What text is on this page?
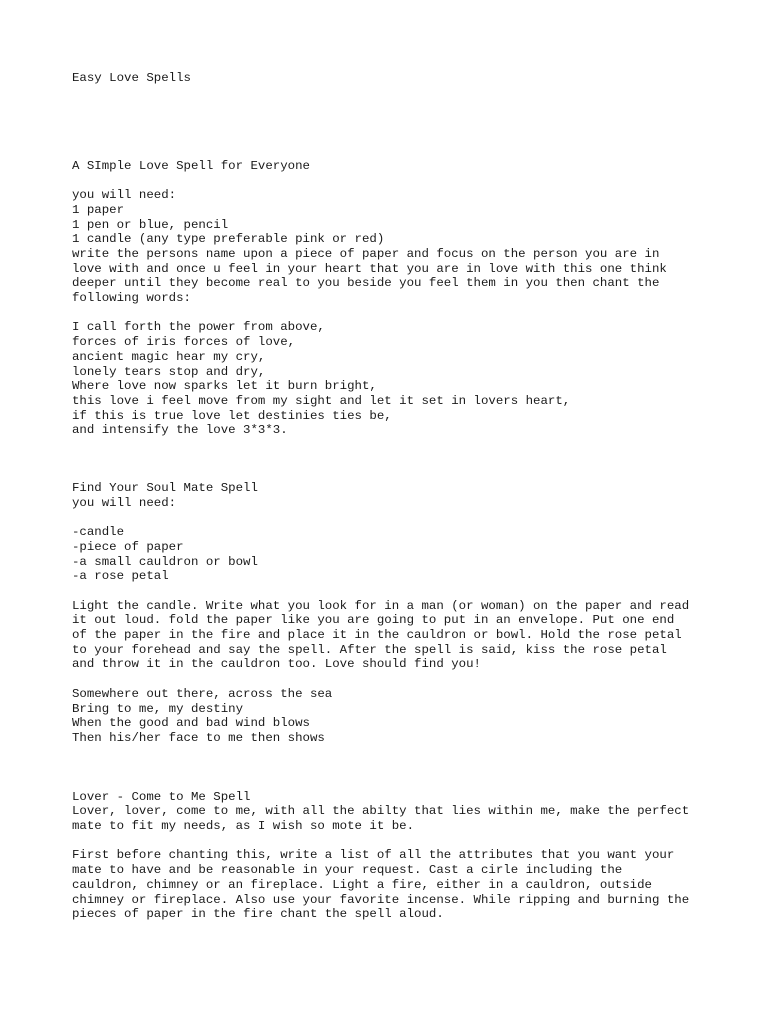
Easy Love Spells
A SImple Love Spell for Everyone
you will need:
1 paper
1 pen or blue, pencil
1 candle (any type preferable pink or red)
write the persons name upon a piece of paper and focus on the person you are in
love with and once u feel in your heart that you are in love with this one think
deeper until they become real to you beside you feel them in you then chant the
following words:
I call forth the power from above,
forces of iris forces of love,
ancient magic hear my cry,
lonely tears stop and dry,
Where love now sparks let it burn bright,
this love i feel move from my sight and let it set in lovers heart,
if this is true love let destinies ties be,
and intensify the love 3*3*3.
Find Your Soul Mate Spell
you will need:
-candle
-piece of paper
-a small cauldron or bowl
-a rose petal
Light the candle. Write what you look for in a man (or woman) on the paper and read
it out loud. fold the paper like you are going to put in an envelope. Put one end
of the paper in the fire and place it in the cauldron or bowl. Hold the rose petal
to your forehead and say the spell. After the spell is said, kiss the rose petal
and throw it in the cauldron too. Love should find you!
Somewhere out there, across the sea
Bring to me, my destiny
When the good and bad wind blows
Then his/her face to me then shows
Lover - Come to Me Spell
Lover, lover, come to me, with all the abilty that lies within me, make the perfect
mate to fit my needs, as I wish so mote it be.
First before chanting this, write a list of all the attributes that you want your
mate to have and be reasonable in your request. Cast a cirle including the
cauldron, chimney or an fireplace. Light a fire, either in a cauldron, outside
chimney or fireplace. Also use your favorite incense. While ripping and burning the
pieces of paper in the fire chant the spell aloud.
